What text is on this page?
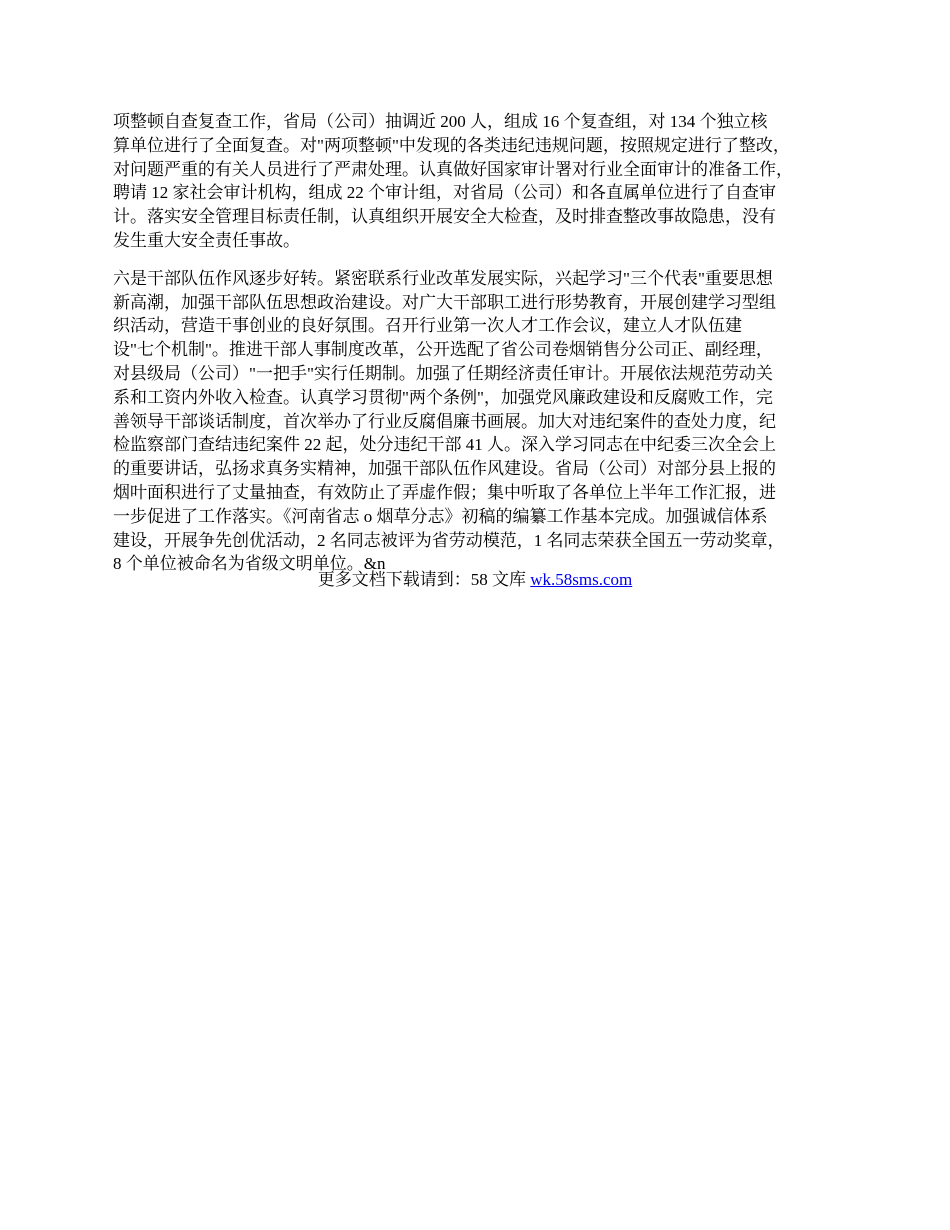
项整顿自查复查工作，省局（公司）抽调近 200 人，组成 16 个复查组，对 134 个独立核
算单位进行了全面复查。对"两项整顿"中发现的各类违纪违规问题，按照规定进行了整改，
对问题严重的有关人员进行了严肃处理。认真做好国家审计署对行业全面审计的准备工作，
聘请 12 家社会审计机构，组成 22 个审计组，对省局（公司）和各直属单位进行了自查审
计。落实安全管理目标责任制，认真组织开展安全大检查，及时排查整改事故隐患，没有
发生重大安全责任事故。

六是干部队伍作风逐步好转。紧密联系行业改革发展实际，兴起学习"三个代表"重要思想
新高潮，加强干部队伍思想政治建设。对广大干部职工进行形势教育，开展创建学习型组
织活动，营造干事创业的良好氛围。召开行业第一次人才工作会议，建立人才队伍建
设"七个机制"。推进干部人事制度改革，公开选配了省公司卷烟销售分公司正、副经理，
对县级局（公司）"一把手"实行任期制。加强了任期经济责任审计。开展依法规范劳动关
系和工资内外收入检查。认真学习贯彻"两个条例"，加强党风廉政建设和反腐败工作，完
善领导干部谈话制度，首次举办了行业反腐倡廉书画展。加大对违纪案件的查处力度，纪
检监察部门查结违纪案件 22 起，处分违纪干部 41 人。深入学习同志在中纪委三次全会上
的重要讲话，弘扬求真务实精神，加强干部队伍作风建设。省局（公司）对部分县上报的
烟叶面积进行了丈量抽查，有效防止了弄虚作假；集中听取了各单位上半年工作汇报，进
一步促进了工作落实。《河南省志 o 烟草分志》初稿的编纂工作基本完成。加强诚信体系
建设，开展争先创优活动，2 名同志被评为省劳动模范，1 名同志荣获全国五一劳动奖章，
8 个单位被命名为省级文明单位。&n

更多文档下载请到：58 文库 wk.58sms.com
